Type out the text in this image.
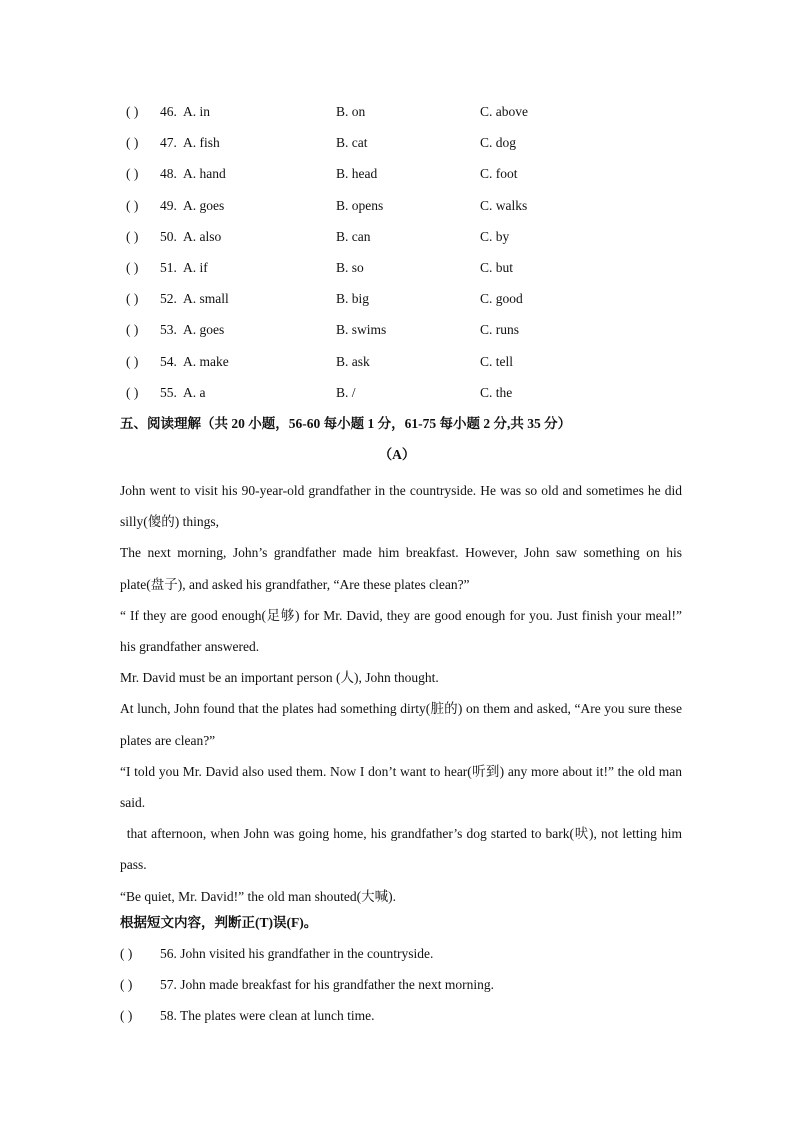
( ) 46. A. in	B. on	C. above
( ) 47. A. fish	B. cat	C. dog
( ) 48. A. hand	B. head	C. foot
( ) 49. A. goes	B. opens	C. walks
( ) 50. A. also	B. can	C. by
( ) 51. A. if	B. so	C. but
( ) 52. A. small	B. big	C. good
( ) 53. A. goes	B. swims	C. runs
( ) 54. A. make	B. ask	C. tell
( ) 55. A. a	B. /	C. the
五、阅读理解（共 20 小题，56-60 每小题 1 分，61-75 每小题 2 分,共 35 分）
（A）

John went to visit his 90-year-old grandfather in the countryside. He was so old and sometimes he did silly(傻的) things,

The next morning, John’s grandfather made him breakfast. However, John saw something on his plate(盘子), and asked his grandfather, “Are these plates clean?”

“ If they are good enough(足够) for Mr. David, they are good enough for you. Just finish your meal!” his grandfather answered.

Mr. David must be an important person (人), John thought.

At lunch, John found that the plates had something dirty(脏的) on them and asked, “Are you sure these plates are clean?”

“I told you Mr. David also used them. Now I don’t want to hear(听到) any more about it!” the old man said.

that afternoon, when John was going home, his grandfather’s dog started to bark(吠), not letting him pass.

“Be quiet, Mr. David!” the old man shouted(大喊).

根据短文内容，判断正(T)误(F)。
( ) 56. John visited his grandfather in the countryside.
( ) 57. John made breakfast for his grandfather the next morning.
( ) 58. The plates were clean at lunch time.
